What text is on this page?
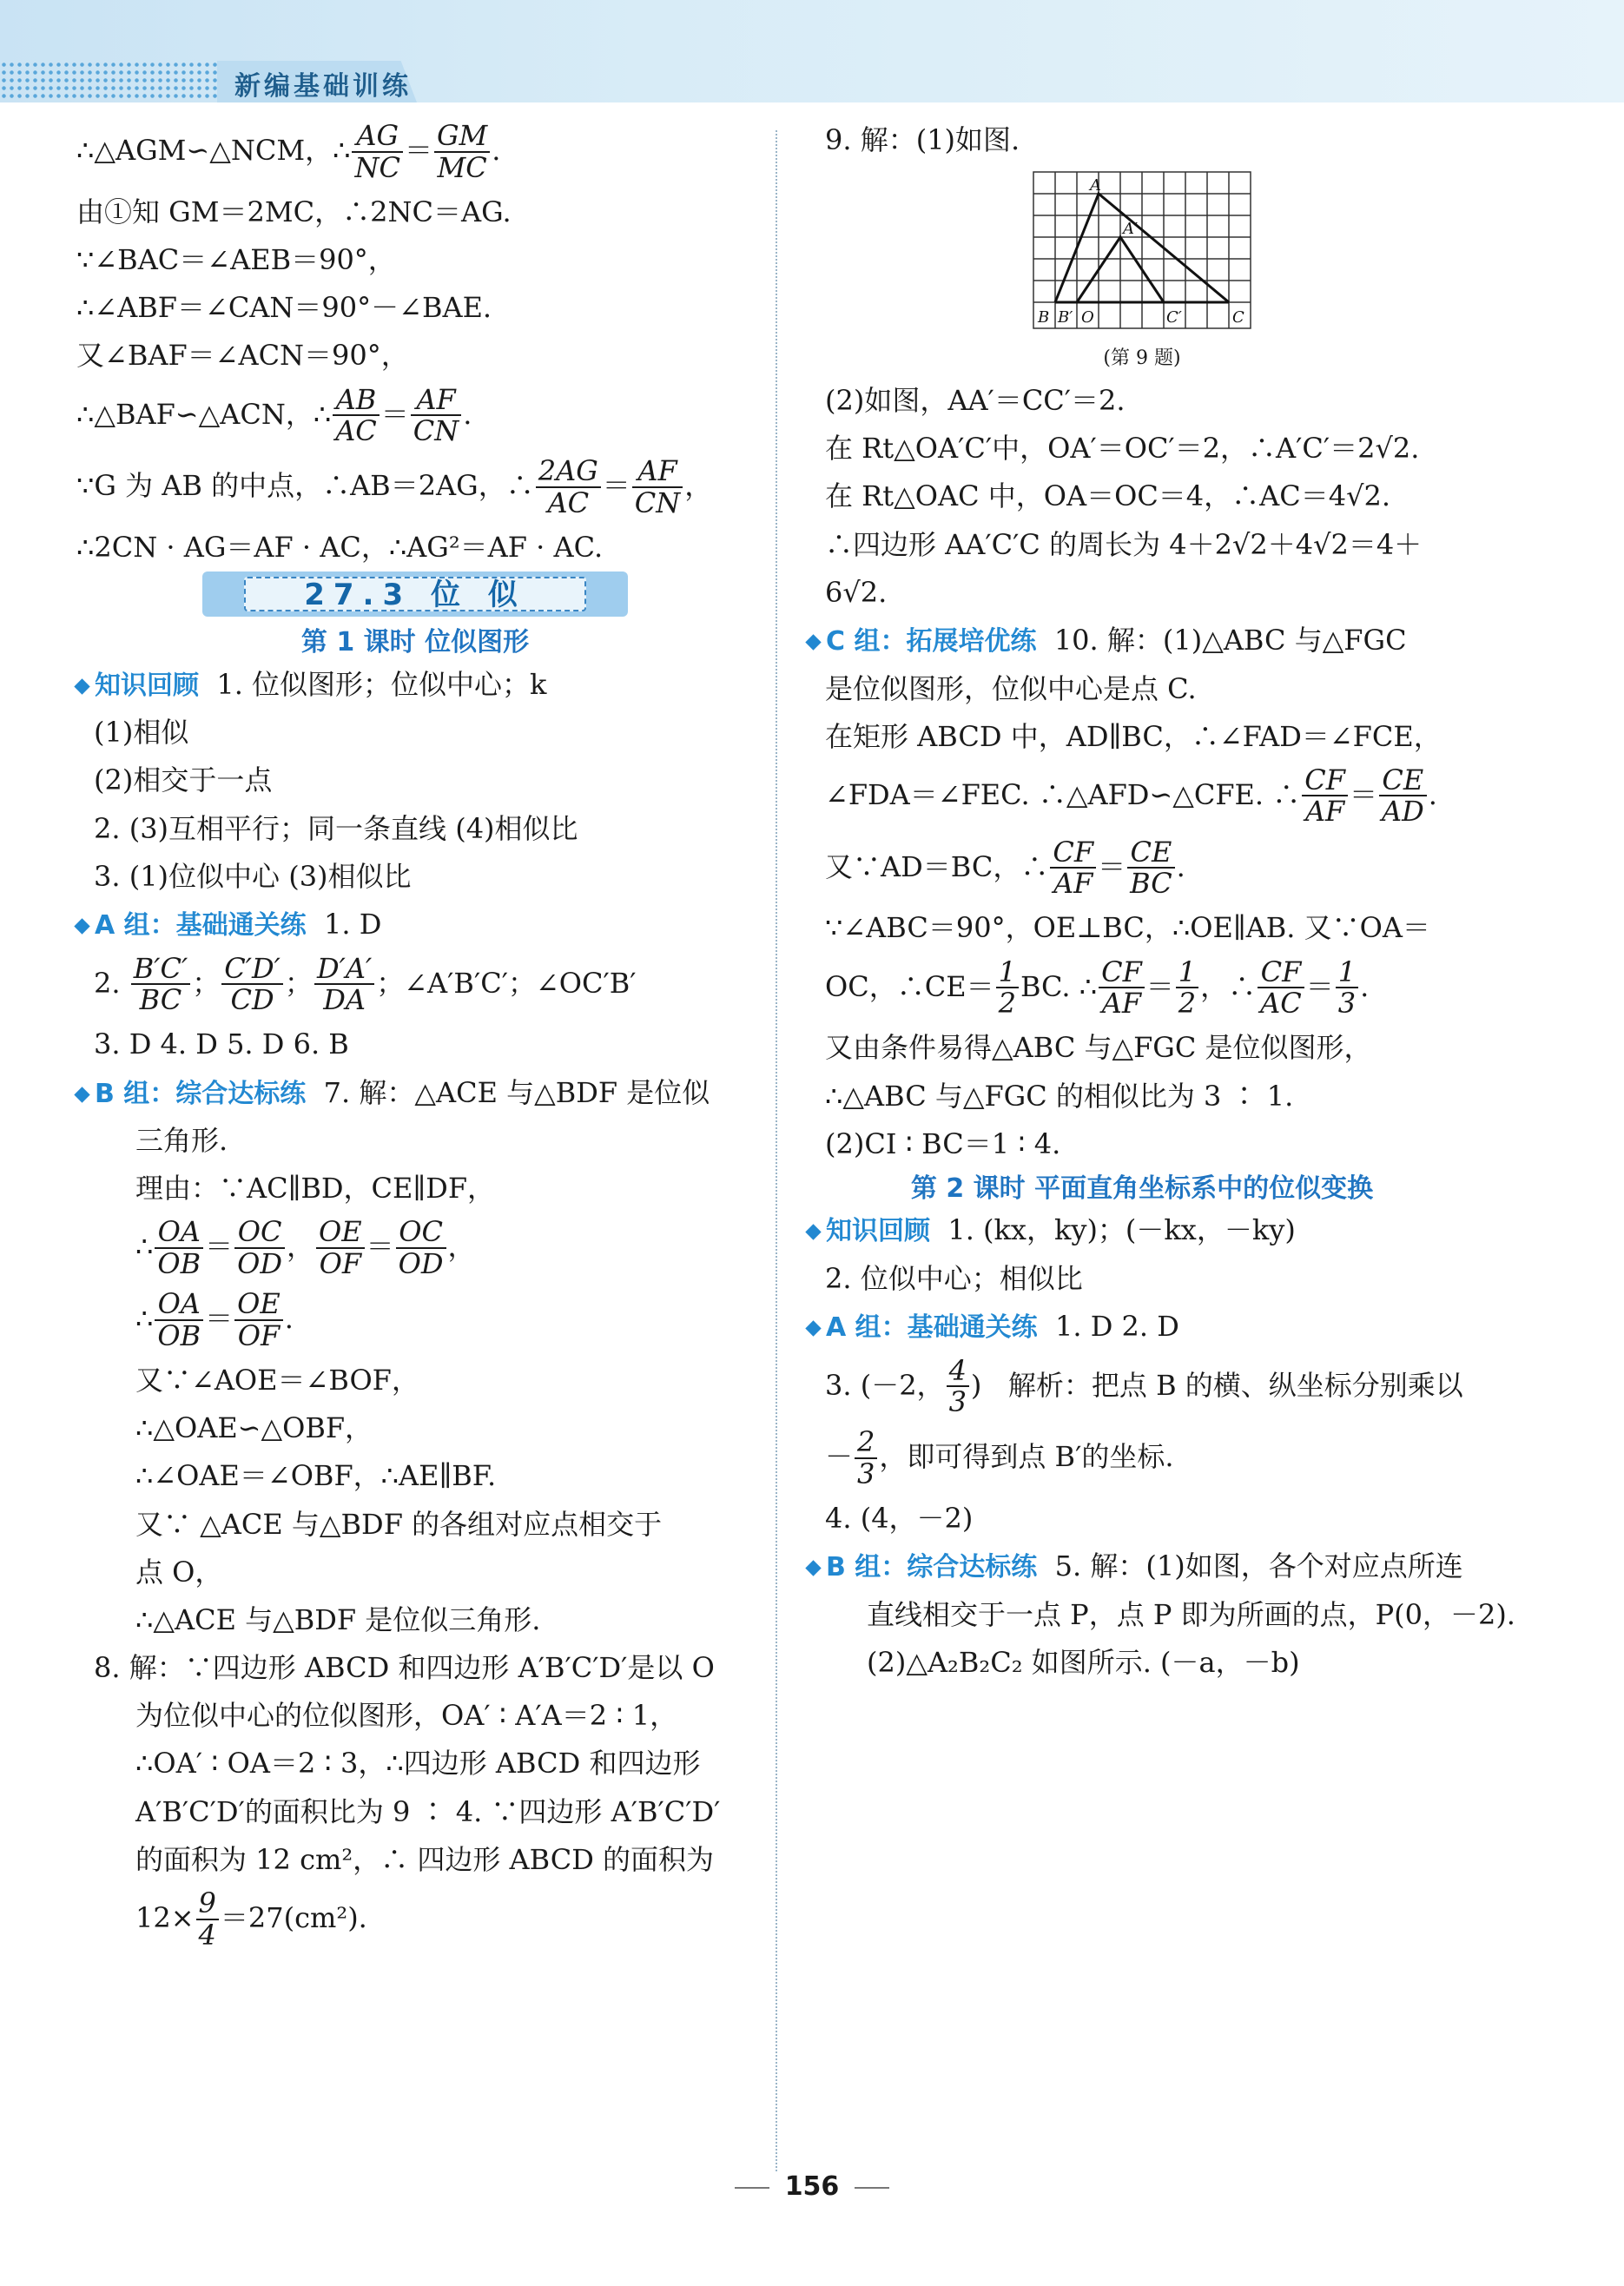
新编基础训练

∴△AGM∽△NCM，∴ $\frac{AG}{NC} = \frac{GM}{MC}$ .

由①知 GM＝2MC，∴2NC＝AG.

∵∠BAC＝∠AEB＝90°，

∴∠ABF＝∠CAN＝90°－∠BAE.

又∠BAF＝∠ACN＝90°，

∴△BAF∽△ACN，∴ $\frac{AB}{AC} = \frac{AF}{CN}$ .

∵G 为 AB 的中点，∴AB＝2AG，∴ $\frac{2AG}{AC} = \frac{AF}{CN}$ ，

∴2CN · AG＝AF · AC，∴AG²＝AF · AC.

27.3 位 似
第 1 课时 位似图形

知识回顾 1. 位似图形；位似中心；k

(1)相似

(2)相交于一点

2. (3)互相平行；同一条直线 (4)相似比

3. (1)位似中心 (3)相似比

A 组：基础通关练 1. D

2. $\frac{B'C'}{BC}$ ； $\frac{C'D'}{CD}$ ； $\frac{D'A'}{DA}$ ；∠A′B′C′；∠OC′B′

3. D 4. D 5. D 6. B

B 组：综合达标练 7. 解：△ACE 与△BDF 是位似

三角形.

理由：∵AC∥BD，CE∥DF，

∴ $\frac{OA}{OB} = \frac{OC}{OD}$ ， $\frac{OE}{OF} = \frac{OC}{OD}$ ，

∴ $\frac{OA}{OB} = \frac{OE}{OF}$ .

又∵∠AOE＝∠BOF，

∴△OAE∽△OBF，

∴∠OAE＝∠OBF，∴AE∥BF.

又∵ △ACE 与△BDF 的各组对应点相交于

点 O，

∴△ACE 与△BDF 是位似三角形.

8. 解：∵四边形 ABCD 和四边形 A′B′C′D′是以 O

为位似中心的位似图形，OA′ ∶ A′A＝2 ∶ 1，

∴OA′ ∶ OA＝2 ∶ 3，∴四边形 ABCD 和四边形

A′B′C′D′的面积比为 9 ∶ 4. ∵四边形 A′B′C′D′

的面积为 12 cm²，∴ 四边形 ABCD 的面积为

$12\times \frac{9}{4} =27(cm^2)$.

9. 解：(1)如图.

A
A′
B B′ O	C′	C
(第 9 题)

(2)如图，AA′＝CC′＝2.

在 Rt△OA′C′中，OA′＝OC′＝2，∴A′C′＝2√2.

在 Rt△OAC 中，OA＝OC＝4，∴AC＝4√2.

∴四边形 AA′C′C 的周长为 4＋2√2＋4√2＝4＋

6√2.

C 组：拓展培优练 10. 解：(1)△ABC 与△FGC

是位似图形，位似中心是点 C.

在矩形 ABCD 中，AD∥BC，∴∠FAD＝∠FCE，

∠FDA＝∠FEC. ∴△AFD∽△CFE. ∴ $\frac{CF}{AF} = \frac{CE}{AD}$ .

又∵AD＝BC，∴ $\frac{CF}{AF} = \frac{CE}{BC}$ .

∵∠ABC＝90°，OE⊥BC，∴OE∥AB. 又∵OA＝

OC，∴CE＝ $\frac{1}{2}$ BC. ∴ $\frac{CF}{AF} = \frac{1}{2}$ ，∴ $\frac{CF}{AC} = \frac{1}{3}$ .

又由条件易得△ABC 与△FGC 是位似图形，

∴△ABC 与△FGC 的相似比为 3 ∶ 1.

(2)CI ∶ BC＝1 ∶ 4.

第 2 课时 平面直角坐标系中的位似变换

知识回顾 1. (kx，ky)；(－kx，－ky)

2. 位似中心；相似比

A 组：基础通关练 1. D 2. D

3. (－2， $\frac{4}{3}$ )   解析：把点 B 的横、纵坐标分别乘以

－ $\frac{2}{3}$ ，即可得到点 B′的坐标.

4. (4，－2)

B 组：综合达标练 5. 解：(1)如图，各个对应点所连

直线相交于一点 P，点 P 即为所画的点，P(0，－2).

(2)△A₂B₂C₂ 如图所示. (－a，－b)

156
